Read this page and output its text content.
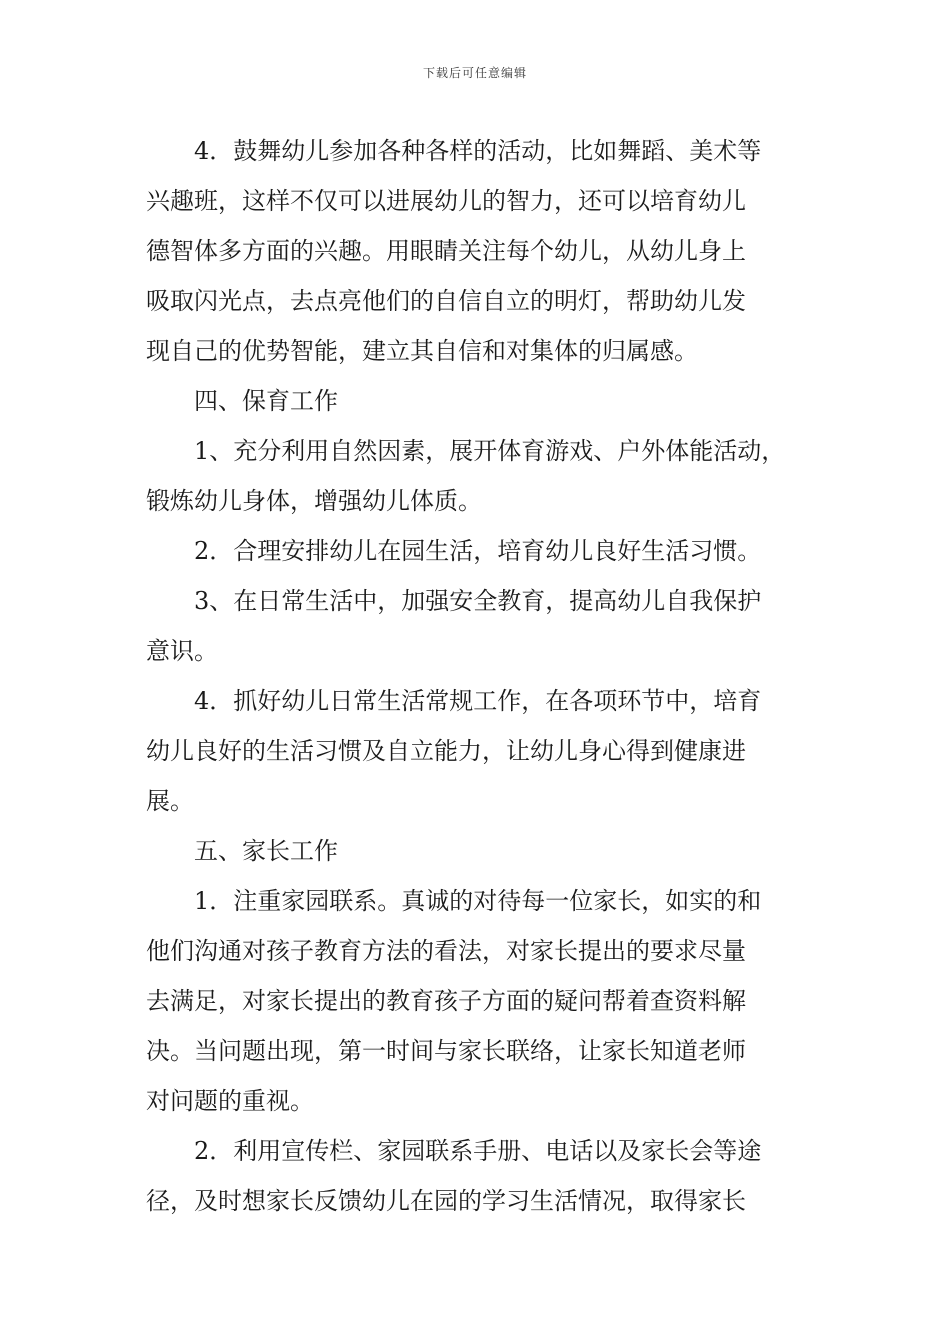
下载后可任意编辑
4．鼓舞幼儿参加各种各样的活动，比如舞蹈、美术等
兴趣班，这样不仅可以进展幼儿的智力，还可以培育幼儿
德智体多方面的兴趣。用眼睛关注每个幼儿，从幼儿身上
吸取闪光点，去点亮他们的自信自立的明灯，帮助幼儿发
现自己的优势智能，建立其自信和对集体的归属感。
四、保育工作
1、充分利用自然因素，展开体育游戏、户外体能活动，
锻炼幼儿身体，增强幼儿体质。
2．合理安排幼儿在园生活，培育幼儿良好生活习惯。
3、在日常生活中，加强安全教育，提高幼儿自我保护
意识。
4．抓好幼儿日常生活常规工作，在各项环节中，培育
幼儿良好的生活习惯及自立能力，让幼儿身心得到健康进
展。
五、家长工作
1．注重家园联系。真诚的对待每一位家长，如实的和
他们沟通对孩子教育方法的看法，对家长提出的要求尽量
去满足，对家长提出的教育孩子方面的疑问帮着查资料解
决。当问题出现，第一时间与家长联络，让家长知道老师
对问题的重视。
2．利用宣传栏、家园联系手册、电话以及家长会等途
径，及时想家长反馈幼儿在园的学习生活情况，取得家长
